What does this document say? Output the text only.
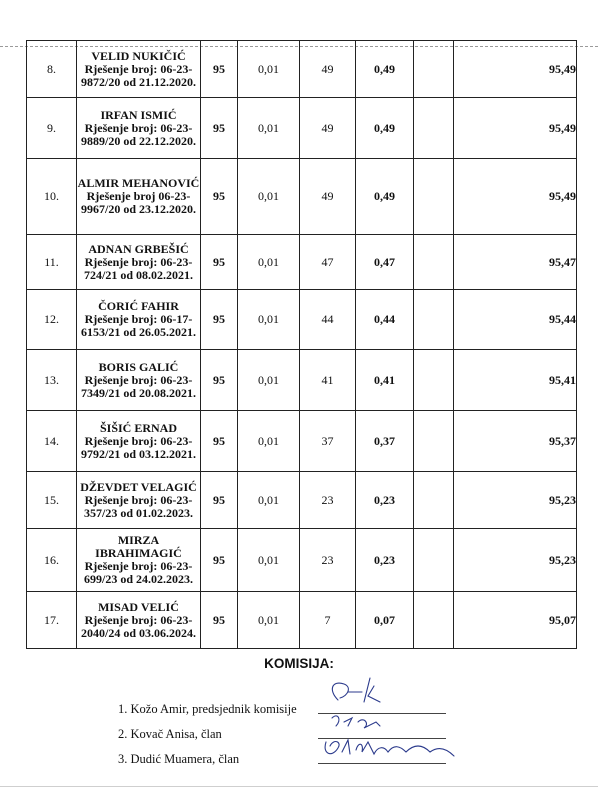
8.	VELID NUKIČIĆ Rješenje broj: 06-23-9872/20 od 21.12.2020.	95	0,01	49	0,49		95,49
9.	IRFAN ISMIĆ Rješenje broj: 06-23-9889/20 od 22.12.2020.	95	0,01	49	0,49		95,49
10.	ALMIR MEHANOVIĆ Rješenje broj 06-23-9967/20 od 23.12.2020.	95	0,01	49	0,49		95,49
11.	ADNAN GRBEŠIĆ Rješenje broj: 06-23-724/21 od 08.02.2021.	95	0,01	47	0,47		95,47
12.	ČORIĆ FAHIR Rješenje broj: 06-17-6153/21 od 26.05.2021.	95	0,01	44	0,44		95,44
13.	BORIS GALIĆ Rješenje broj: 06-23-7349/21 od 20.08.2021.	95	0,01	41	0,41		95,41
14.	ŠIŠIĆ ERNAD Rješenje broj: 06-23-9792/21 od 03.12.2021.	95	0,01	37	0,37		95,37
15.	DŽEVDET VELAGIĆ Rješenje broj: 06-23-357/23 od 01.02.2023.	95	0,01	23	0,23		95,23
16.	MIRZA IBRAHIMAGIĆ Rješenje broj: 06-23-699/23 od 24.02.2023.	95	0,01	23	0,23		95,23
17.	MISAD VELIĆ Rješenje broj: 06-23-2040/24 od 03.06.2024.	95	0,01	7	0,07		95,07
KOMISIJA:
1. Kožo Amir, predsjednik komisije
2. Kovač Anisa, član
3. Dudić Muamera, član
